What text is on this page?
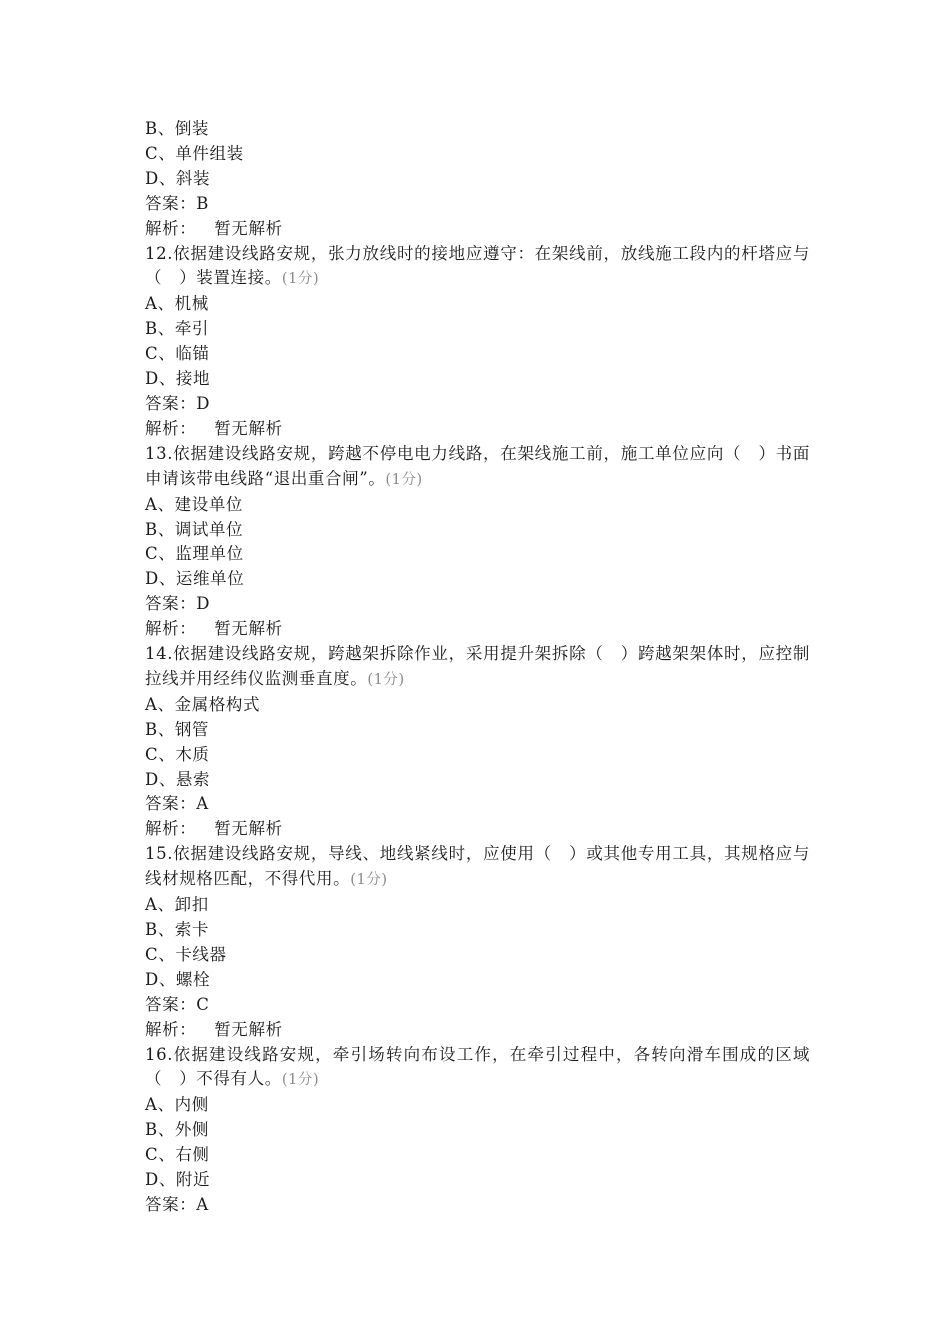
B、倒装
C、单件组装
D、斜装
答案：B
解析： 暂无解析
12.依据建设线路安规，张力放线时的接地应遵守：在架线前，放线施工段内的杆塔应与（　）装置连接。(1分)
A、机械
B、牵引
C、临锚
D、接地
答案：D
解析： 暂无解析
13.依据建设线路安规，跨越不停电电力线路，在架线施工前，施工单位应向（　）书面申请该带电线路“退出重合闸”。(1分)
A、建设单位
B、调试单位
C、监理单位
D、运维单位
答案：D
解析： 暂无解析
14.依据建设线路安规，跨越架拆除作业，采用提升架拆除（　）跨越架架体时，应控制拉线并用经纬仪监测垂直度。(1分)
A、金属格构式
B、钢管
C、木质
D、悬索
答案：A
解析： 暂无解析
15.依据建设线路安规，导线、地线紧线时，应使用（　）或其他专用工具，其规格应与线材规格匹配，不得代用。(1分)
A、卸扣
B、索卡
C、卡线器
D、螺栓
答案：C
解析： 暂无解析
16.依据建设线路安规，牵引场转向布设工作，在牵引过程中，各转向滑车围成的区域（　）不得有人。(1分)
A、内侧
B、外侧
C、右侧
D、附近
答案：A
